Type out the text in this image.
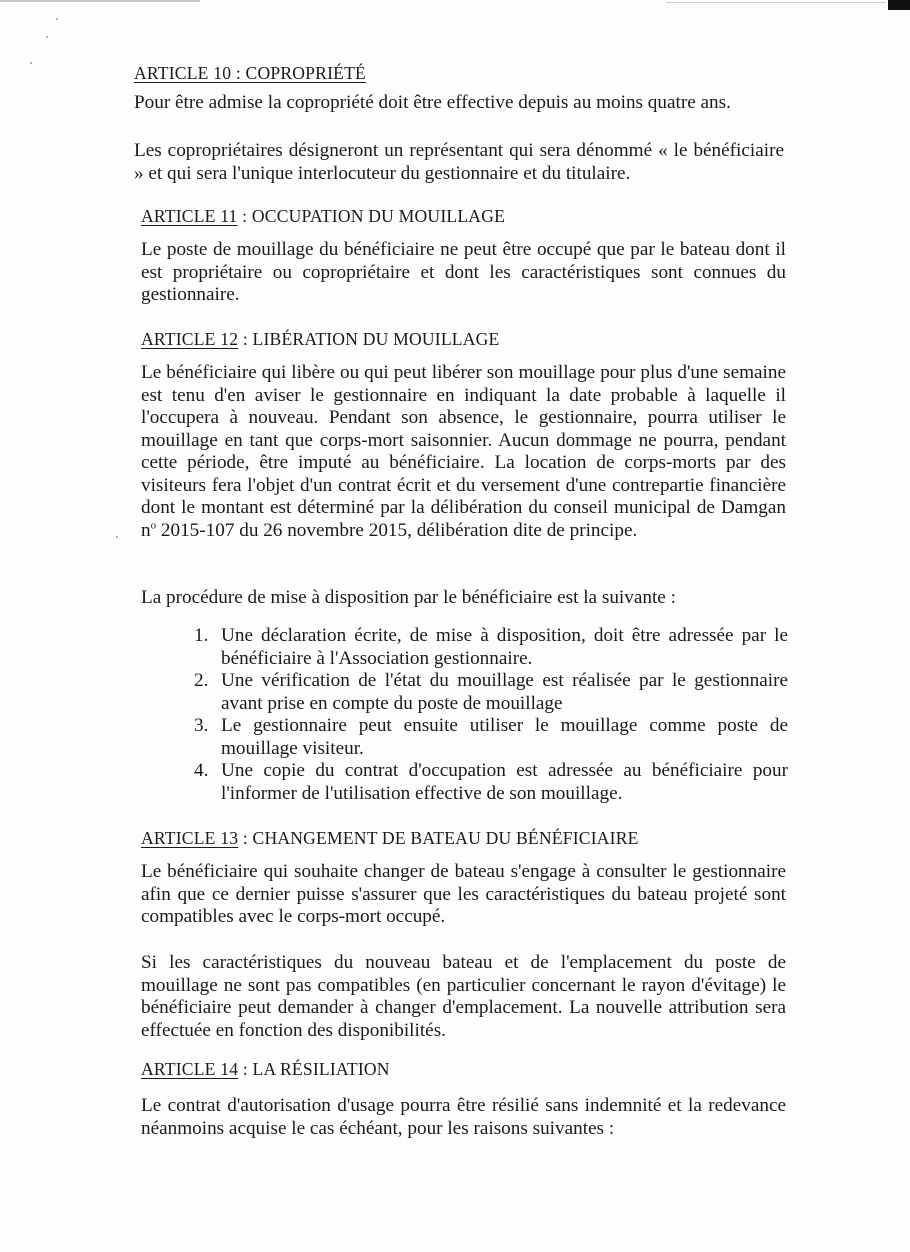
ARTICLE 10 : COPROPRIÉTÉ
Pour être admise la copropriété doit être effective depuis au moins quatre ans.
Les copropriétaires désigneront un représentant qui sera dénommé « le bénéficiaire » et qui sera l'unique interlocuteur du gestionnaire et du titulaire.
ARTICLE 11 : OCCUPATION DU MOUILLAGE
Le poste de mouillage du bénéficiaire ne peut être occupé que par le bateau dont il est propriétaire ou copropriétaire et dont les caractéristiques sont connues du gestionnaire.
ARTICLE 12 : LIBÉRATION DU MOUILLAGE
Le bénéficiaire qui libère ou qui peut libérer son mouillage pour plus d'une semaine est tenu d'en aviser le gestionnaire en indiquant la date probable à laquelle il l'occupera à nouveau. Pendant son absence, le gestionnaire, pourra utiliser le mouillage en tant que corps-mort saisonnier. Aucun dommage ne pourra, pendant cette période, être imputé au bénéficiaire. La location de corps-morts par des visiteurs fera l'objet d'un contrat écrit et du versement d'une contrepartie financière dont le montant est déterminé par la délibération du conseil municipal de Damgan $n^o$ 2015-107 du 26 novembre 2015, délibération dite de principe.
La procédure de mise à disposition par le bénéficiaire est la suivante :
1. Une déclaration écrite, de mise à disposition, doit être adressée par le bénéficiaire à l'Association gestionnaire.
2. Une vérification de l'état du mouillage est réalisée par le gestionnaire avant prise en compte du poste de mouillage
3. Le gestionnaire peut ensuite utiliser le mouillage comme poste de mouillage visiteur.
4. Une copie du contrat d'occupation est adressée au bénéficiaire pour l'informer de l'utilisation effective de son mouillage.
ARTICLE 13 : CHANGEMENT DE BATEAU DU BÉNÉFICIAIRE
Le bénéficiaire qui souhaite changer de bateau s'engage à consulter le gestionnaire afin que ce dernier puisse s'assurer que les caractéristiques du bateau projeté sont compatibles avec le corps-mort occupé.
Si les caractéristiques du nouveau bateau et de l'emplacement du poste de mouillage ne sont pas compatibles (en particulier concernant le rayon d'évitage) le bénéficiaire peut demander à changer d'emplacement. La nouvelle attribution sera effectuée en fonction des disponibilités.
ARTICLE 14 : LA RÉSILIATION
Le contrat d'autorisation d'usage pourra être résilié sans indemnité et la redevance néanmoins acquise le cas échéant, pour les raisons suivantes :
